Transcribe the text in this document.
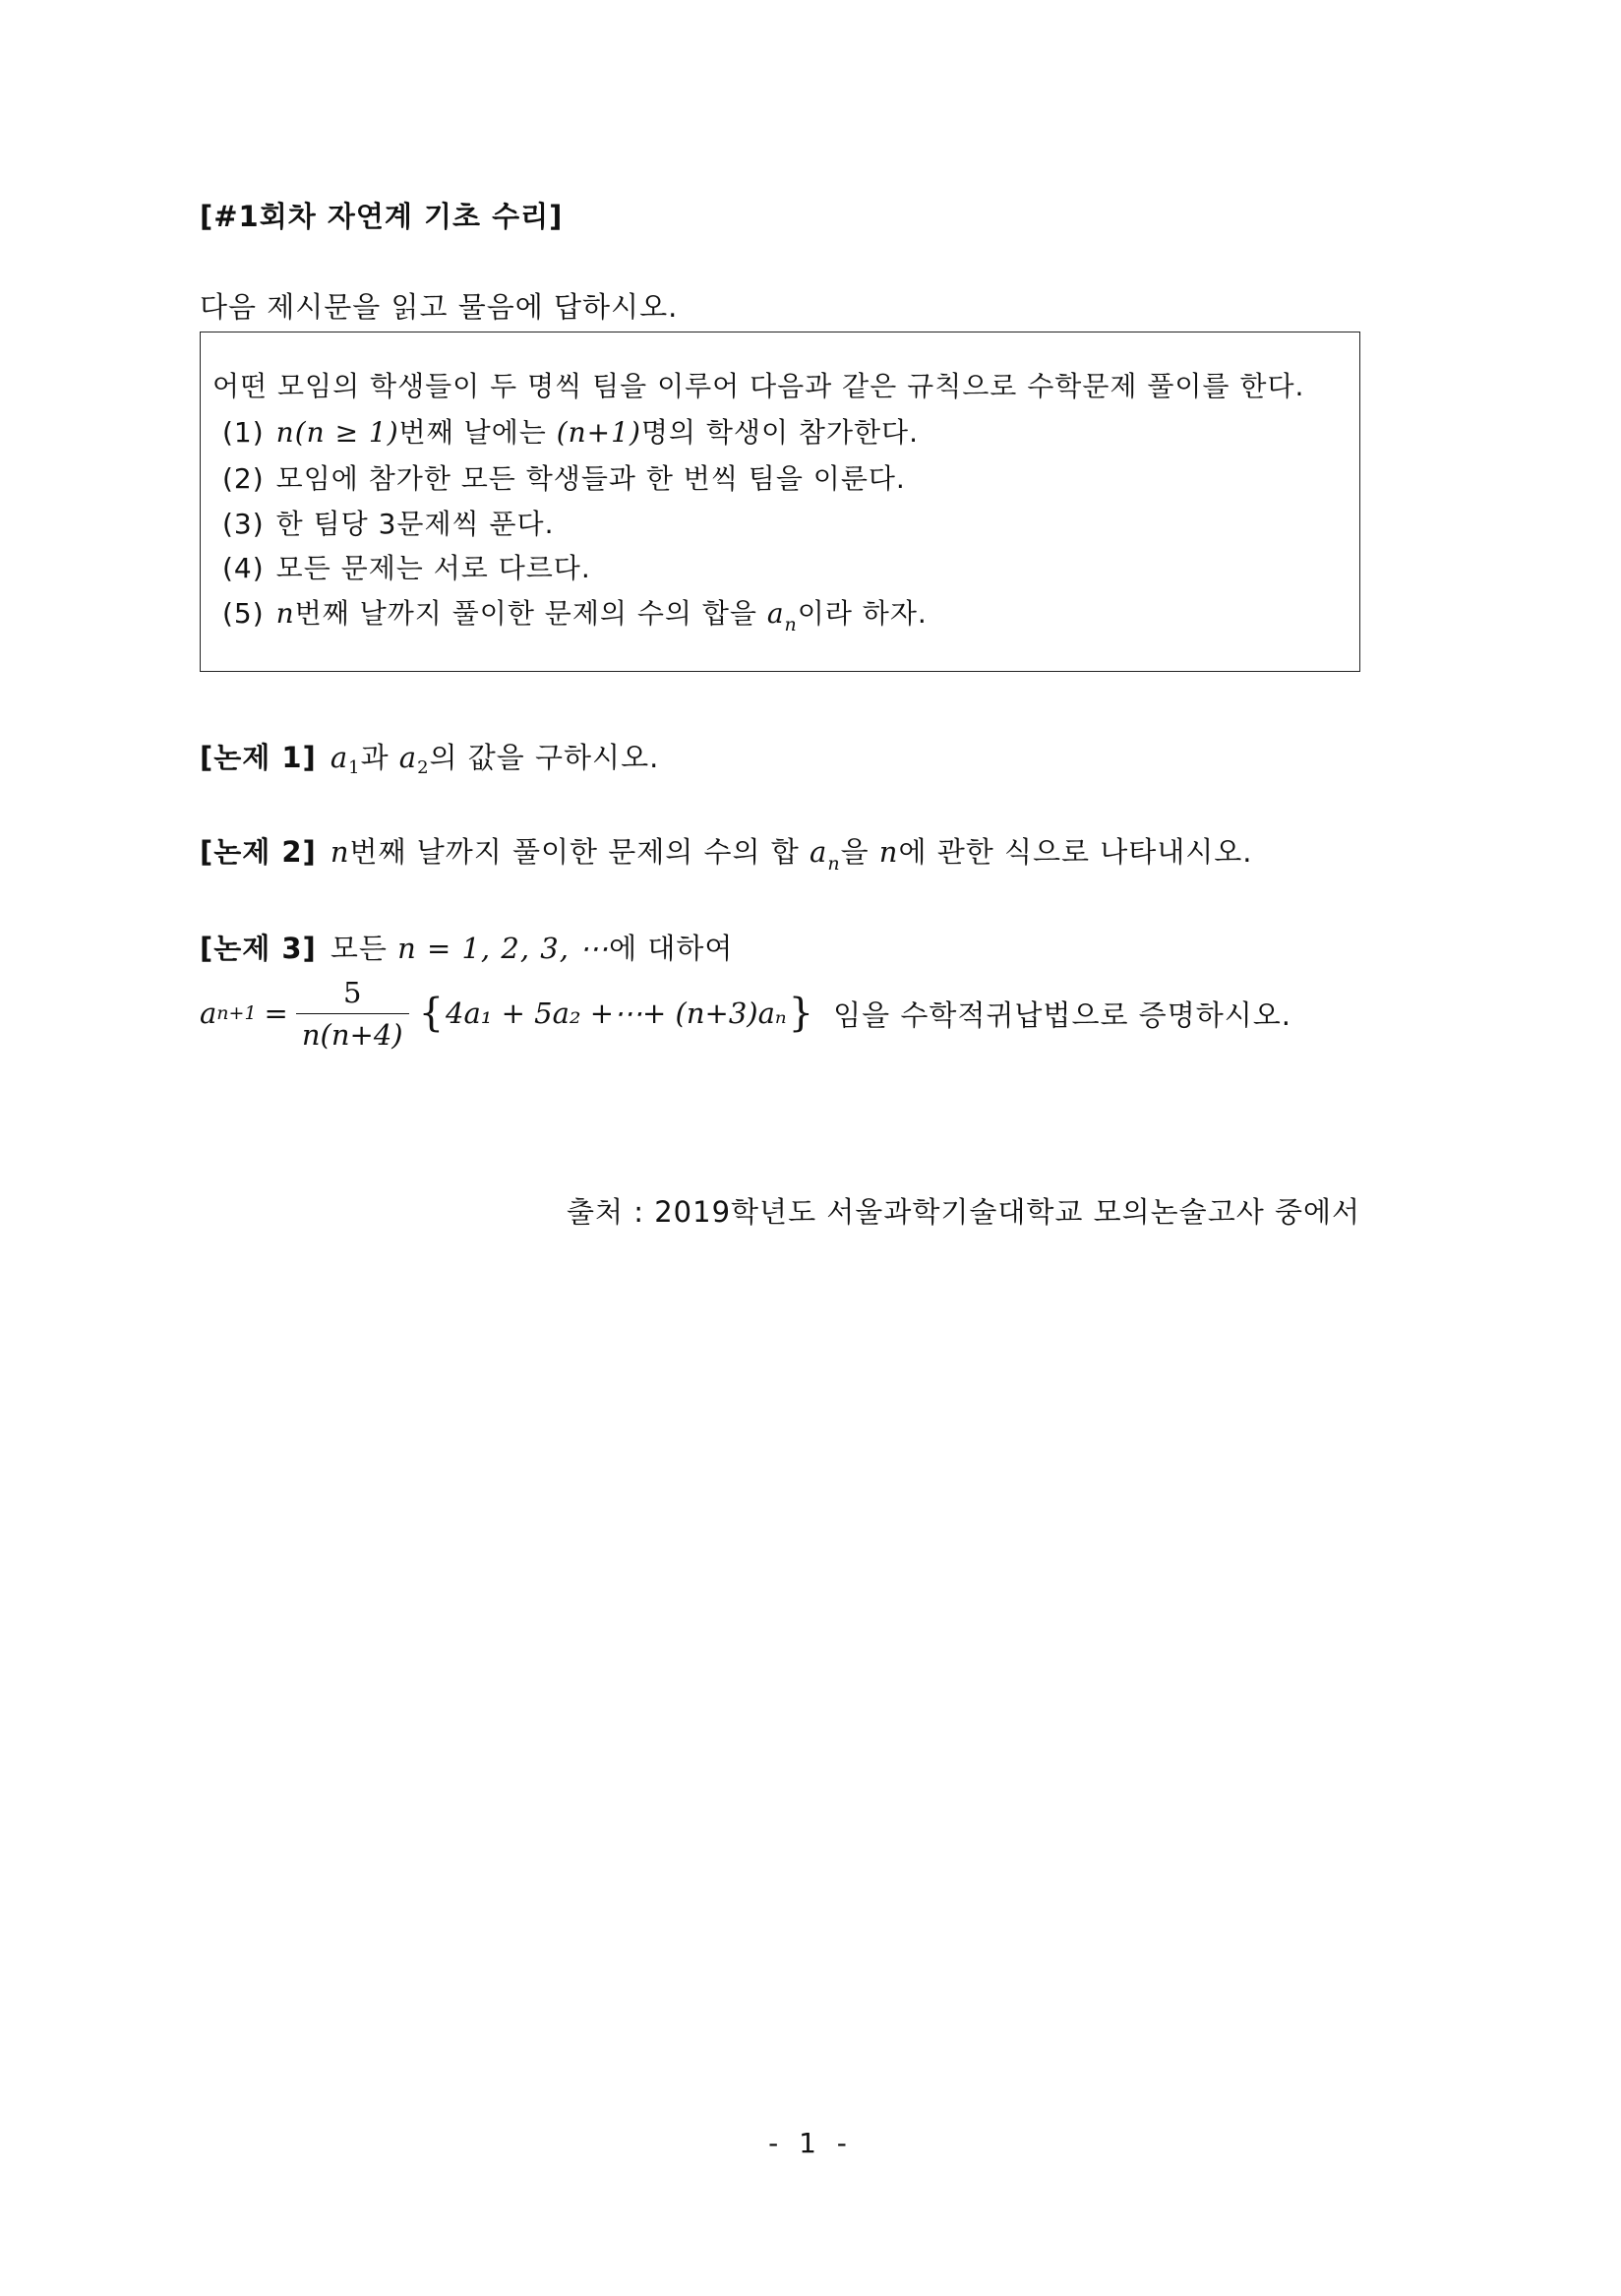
[#1회차 자연계 기초 수리]
다음 제시문을 읽고 물음에 답하시오.
어떤 모임의 학생들이 두 명씩 팀을 이루어 다음과 같은 규칙으로 수학문제 풀이를 한다.
(1) n(n ≥ 1)번째 날에는 (n+1)명의 학생이 참가한다.
(2) 모임에 참가한 모든 학생들과 한 번씩 팀을 이룬다.
(3) 한 팀당 3문제씩 푼다.
(4) 모든 문제는 서로 다르다.
(5) n번째 날까지 풀이한 문제의 수의 합을 $a_n$이라 하자.
[논제 1] $a_1$과 $a_2$의 값을 구하시오.
[논제 2] n번째 날까지 풀이한 문제의 수의 합 $a_n$을 n에 관한 식으로 나타내시오.
[논제 3] 모든 n = 1, 2, 3, ⋯에 대하여
a $n+1 = \frac{5}{n(n+4)}$ { 4a₁ + 5a₂ +⋯+ (n+3)aₙ } 임을 수학적귀납법으로 증명하시오.
출처 : 2019학년도 서울과학기술대학교 모의논술고사 중에서
- 1 -
